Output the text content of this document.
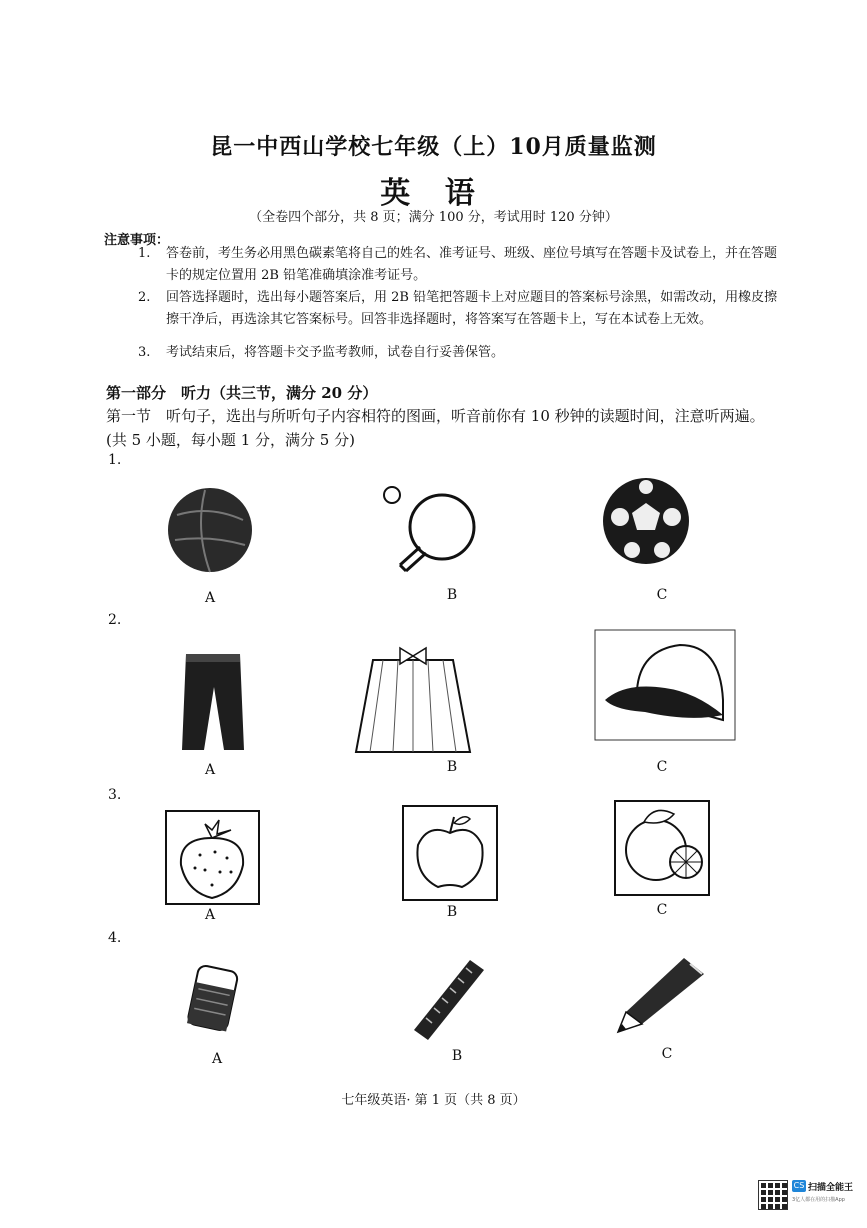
昆一中西山学校七年级（上）10月质量监测
英 语
（全卷四个部分，共 8 页；满分 100 分，考试用时 120 分钟）
注意事项：
1. 答卷前，考生务必用黑色碳素笔将自己的姓名、准考证号、班级、座位号填写在答题卡及试卷上，并在答题卡的规定位置用 2B 铅笔准确填涂准考证号。
2. 回答选择题时，选出每小题答案后，用 2B 铅笔把答题卡上对应题目的答案标号涂黑，如需改动，用橡皮擦擦干净后，再选涂其它答案标号。回答非选择题时，将答案写在答题卡上，写在本试卷上无效。
3. 考试结束后，将答题卡交予监考教师，试卷自行妥善保管。
第一部分　听力（共三节，满分 20 分）
第一节　听句子，选出与所听句子内容相符的图画，听音前你有 10 秒钟的读题时间，注意听两遍。(共 5 小题，每小题 1 分，满分 5 分)
1.
A	B	C
2.
A	B	C
3.
A	B	C
4.
A	B	C
七年级英语· 第 1 页（共 8 页）
CS 扫描全能王
3亿人都在用的扫描App
